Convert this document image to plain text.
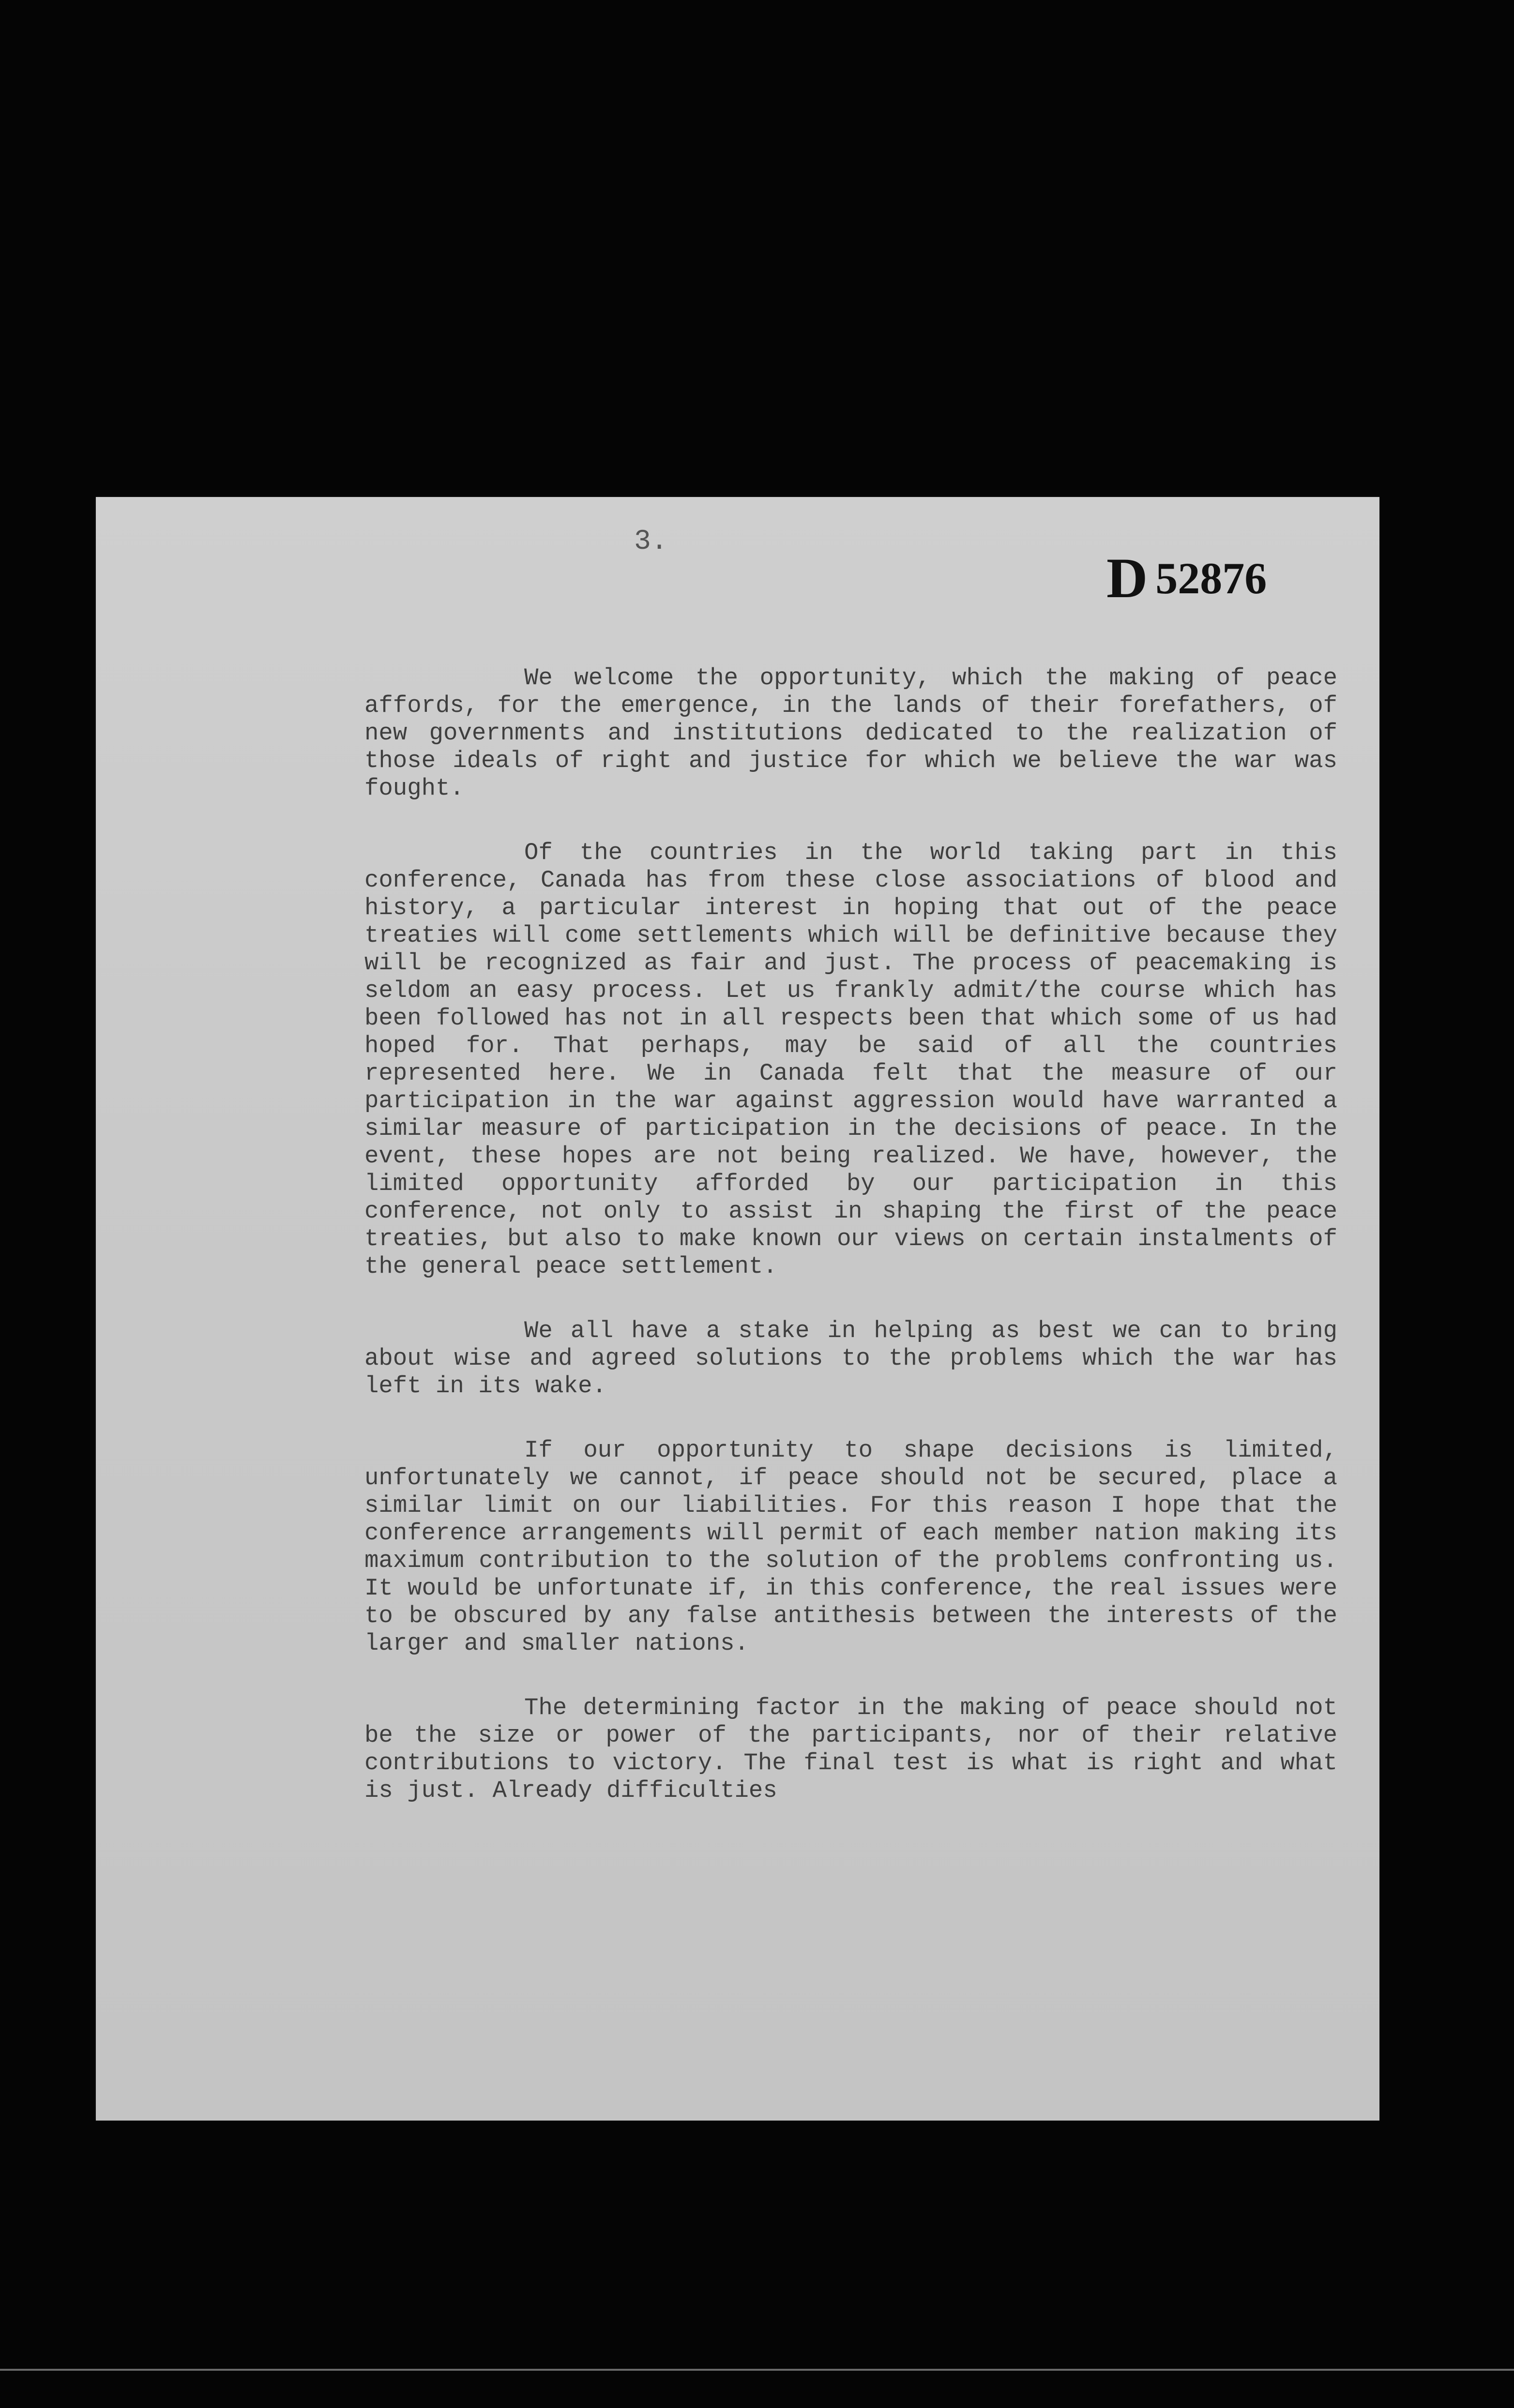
3.
D 52876

We welcome the opportunity, which the making of peace affords, for the emergence, in the lands of their forefathers, of new governments and institutions dedicated to the realization of those ideals of right and justice for which we believe the war was fought.

Of the countries in the world taking part in this conference, Canada has from these close associations of blood and history, a particular interest in hoping that out of the peace treaties will come settlements which will be definitive because they will be recognized as fair and just. The process of peacemaking is seldom an easy process. Let us frankly admit/the course which has been followed has not in all respects been that which some of us had hoped for. That perhaps, may be said of all the countries represented here. We in Canada felt that the measure of our participation in the war against aggression would have warranted a similar measure of participation in the decisions of peace. In the event, these hopes are not being realized. We have, however, the limited opportunity afforded by our participation in this conference, not only to assist in shaping the first of the peace treaties, but also to make known our views on certain instalments of the general peace settlement.

We all have a stake in helping as best we can to bring about wise and agreed solutions to the problems which the war has left in its wake.

If our opportunity to shape decisions is limited, unfortunately we cannot, if peace should not be secured, place a similar limit on our liabilities. For this reason I hope that the conference arrangements will permit of each member nation making its maximum contribution to the solution of the problems confronting us. It would be unfortunate if, in this conference, the real issues were to be obscured by any false antithesis between the interests of the larger and smaller nations.

The determining factor in the making of peace should not be the size or power of the participants, nor of their relative contributions to victory. The final test is what is right and what is just. Already difficulties
